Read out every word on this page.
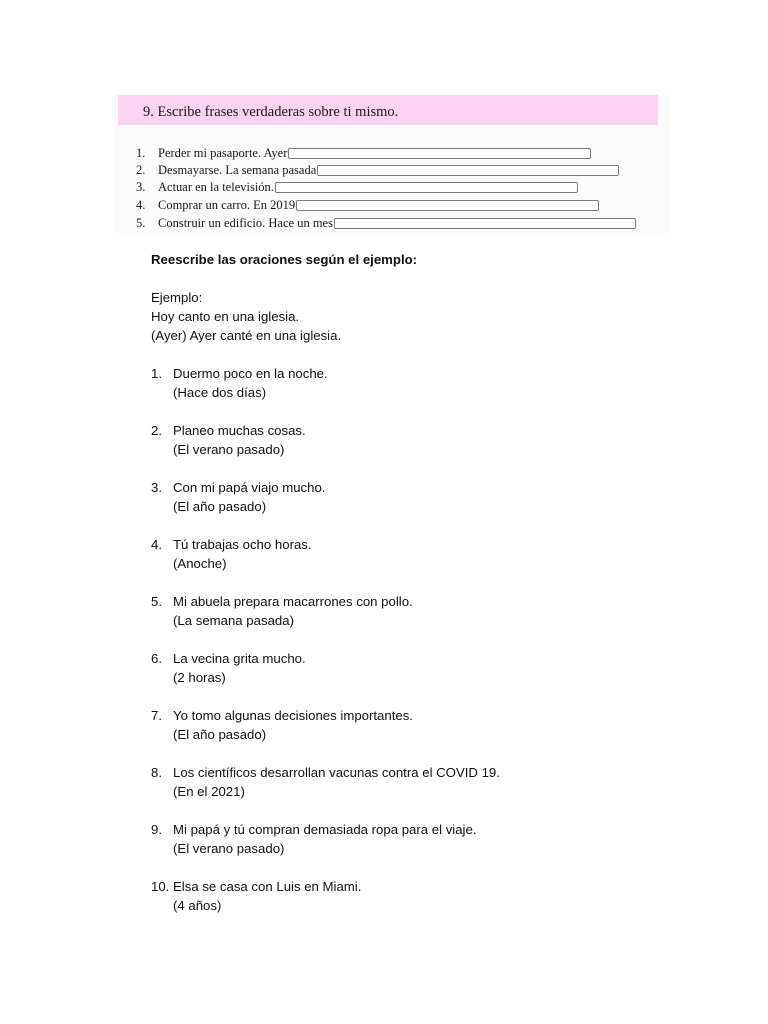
9. Escribe frases verdaderas sobre ti mismo.
1.	Perder mi pasaporte. Ayer
2.	Desmayarse. La semana pasada
3.	Actuar en la televisión.
4.	Comprar un carro. En 2019
5.	Construir un edificio. Hace un mes
Reescribe las oraciones según el ejemplo:
Ejemplo:
Hoy canto en una iglesia.
(Ayer) Ayer canté en una iglesia.
1. Duermo poco en la noche.
(Hace dos días)
2. Planeo muchas cosas.
(El verano pasado)
3. Con mi papá viajo mucho.
(El año pasado)
4. Tú trabajas ocho horas.
(Anoche)
5. Mi abuela prepara macarrones con pollo.
(La semana pasada)
6. La vecina grita mucho.
(2 horas)
7. Yo tomo algunas decisiones importantes.
(El año pasado)
8. Los científicos desarrollan vacunas contra el COVID 19.
(En el 2021)
9. Mi papá y tú compran demasiada ropa para el viaje.
(El verano pasado)
10. Elsa se casa con Luis en Miami.
(4 años)
